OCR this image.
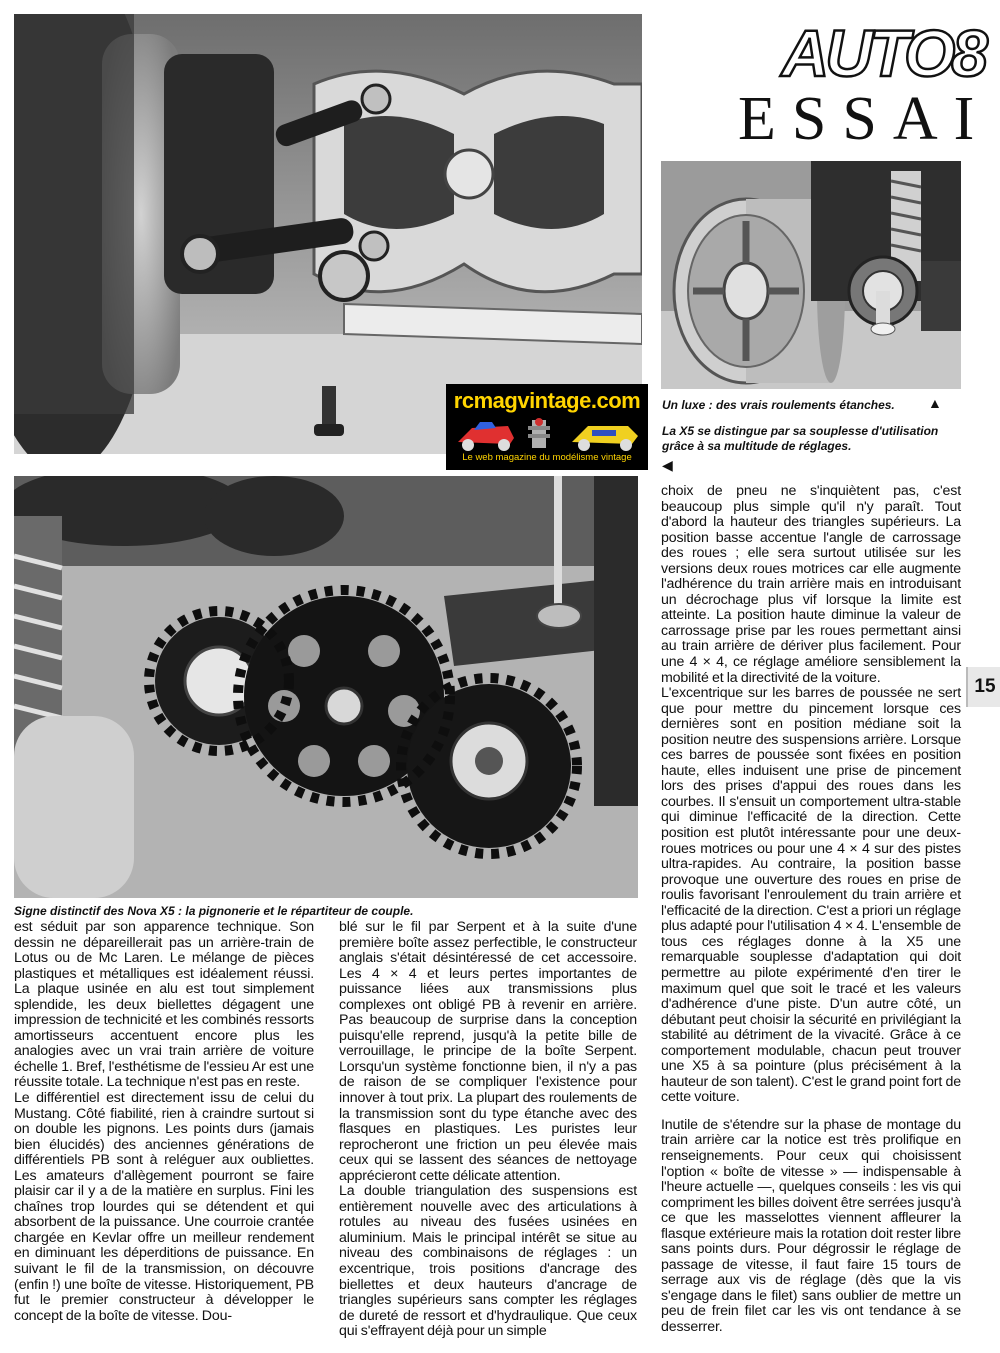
AUTO8
ESSAI
Un luxe : des vrais roulements étanches.	▲
La X5 se distingue par sa souplesse d'utilisation grâce à sa multitude de réglages.
◀
rcmagvintage.com
Le web magazine du modélisme vintage
Signe distinctif des Nova X5 : la pignonerie et le répartiteur de couple.
15

est séduit par son apparence technique. Son dessin ne dépareillerait pas un arrière-train de Lotus ou de Mc Laren. Le mélange de pièces plastiques et métalliques est idéalement réussi. La plaque usinée en alu est tout simplement splendide, les deux biellettes dégagent une impression de technicité et les combinés ressorts amortisseurs accentuent encore plus les analogies avec un vrai train arrière de voiture échelle 1. Bref, l'esthétisme de l'essieu Ar est une réussite totale. La technique n'est pas en reste.

Le différentiel est directement issu de celui du Mustang. Côté fiabilité, rien à craindre surtout si on double les pignons. Les points durs (jamais bien élucidés) des anciennes générations de différentiels PB sont à reléguer aux oubliettes. Les amateurs d'allègement pourront se faire plaisir car il y a de la matière en surplus. Fini les chaînes trop lourdes qui se détendent et qui absorbent de la puissance. Une courroie crantée chargée en Kevlar offre un meilleur rendement en diminuant les déperditions de puissance. En suivant le fil de la transmission, on découvre (enfin !) une boîte de vitesse. Historiquement, PB fut le premier constructeur à développer le concept de la boîte de vitesse. Dou-

blé sur le fil par Serpent et à la suite d'une première boîte assez perfectible, le constructeur anglais s'était désintéressé de cet accessoire. Les 4 × 4 et leurs pertes importantes de puissance liées aux transmissions plus complexes ont obligé PB à revenir en arrière. Pas beaucoup de surprise dans la conception puisqu'elle reprend, jusqu'à la petite bille de verrouillage, le principe de la boîte Serpent. Lorsqu'un système fonctionne bien, il n'y a pas de raison de se compliquer l'existence pour innover à tout prix. La plupart des roulements de la transmission sont du type étanche avec des flasques en plastiques. Les puristes leur reprocheront une friction un peu élevée mais ceux qui se lassent des séances de nettoyage apprécieront cette délicate attention.

La double triangulation des suspensions est entièrement nouvelle avec des articulations à rotules au niveau des fusées usinées en aluminium. Mais le principal intérêt se situe au niveau des combinaisons de réglages : un excentrique, trois positions d'ancrage des biellettes et deux hauteurs d'ancrage de triangles supérieurs sans compter les réglages de dureté de ressort et d'hydraulique. Que ceux qui s'effrayent déjà pour un simple

choix de pneu ne s'inquiètent pas, c'est beaucoup plus simple qu'il n'y paraît. Tout d'abord la hauteur des triangles supérieurs. La position basse accentue l'angle de carrossage des roues ; elle sera surtout utilisée sur les versions deux roues motrices car elle augmente l'adhérence du train arrière mais en introduisant un décrochage plus vif lorsque la limite est atteinte. La position haute diminue la valeur de carrossage prise par les roues permettant ainsi au train arrière de dériver plus facilement. Pour une 4 × 4, ce réglage améliore sensiblement la mobilité et la directivité de la voiture.

L'excentrique sur les barres de poussée ne sert que pour mettre du pincement lorsque ces dernières sont en position médiane soit la position neutre des suspensions arrière. Lorsque ces barres de poussée sont fixées en position haute, elles induisent une prise de pincement lors des prises d'appui des roues dans les courbes. Il s'ensuit un comportement ultra-stable qui diminue l'efficacité de la direction. Cette position est plutôt intéressante pour une deux-roues motrices ou pour une 4 × 4 sur des pistes ultra-rapides. Au contraire, la position basse provoque une ouverture des roues en prise de roulis favorisant l'enroulement du train arrière et l'efficacité de la direction. C'est a priori un réglage plus adapté pour l'utilisation 4 × 4. L'ensemble de tous ces réglages donne à la X5 une remarquable souplesse d'adaptation qui doit permettre au pilote expérimenté d'en tirer le maximum quel que soit le tracé et les valeurs d'adhérence d'une piste. D'un autre côté, un débutant peut choisir la sécurité en privilégiant la stabilité au détriment de la vivacité. Grâce à ce comportement modulable, chacun peut trouver une X5 à sa pointure (plus précisément à la hauteur de son talent). C'est le grand point fort de cette voiture.

Inutile de s'étendre sur la phase de montage du train arrière car la notice est très prolifique en renseignements. Pour ceux qui choisissent l'option « boîte de vitesse » — indispensable à l'heure actuelle —, quelques conseils : les vis qui compriment les billes doivent être serrées jusqu'à ce que les masselottes viennent affleurer la flasque extérieure mais la rotation doit rester libre sans points durs. Pour dégrossir le réglage de passage de vitesse, il faut faire 15 tours de serrage aux vis de réglage (dès que la vis s'engage dans le filet) sans oublier de mettre un peu de frein filet car les vis ont tendance à se desserrer.
